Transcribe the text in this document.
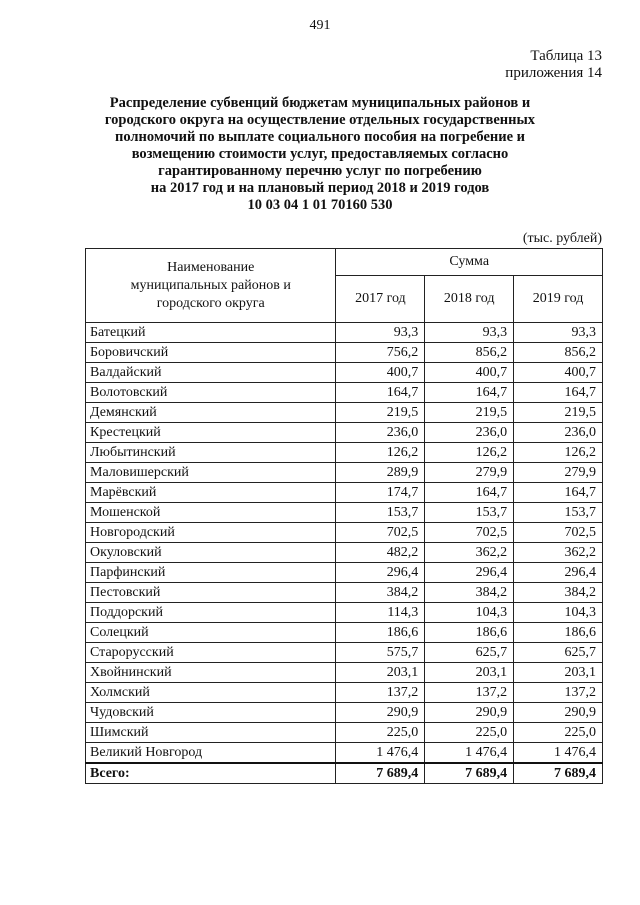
491
Таблица 13
приложения 14
Распределение субвенций бюджетам муниципальных районов и
городского округа на осуществление отдельных государственных
полномочий по выплате социального пособия на погребение и
возмещению стоимости услуг, предоставляемых согласно
гарантированному перечню услуг по погребению
на 2017 год и на плановый период 2018 и 2019 годов
10 03 04 1 01 70160 530
(тыс. рублей)
Наименование
муниципальных районов и
городского округа	Сумма		
	2017 год	2018 год	2019 год
Батецкий	93,3	93,3	93,3
Боровичский	756,2	856,2	856,2
Валдайский	400,7	400,7	400,7
Волотовский	164,7	164,7	164,7
Демянский	219,5	219,5	219,5
Крестецкий	236,0	236,0	236,0
Любытинский	126,2	126,2	126,2
Маловишерский	289,9	279,9	279,9
Марёвский	174,7	164,7	164,7
Мошенской	153,7	153,7	153,7
Новгородский	702,5	702,5	702,5
Окуловский	482,2	362,2	362,2
Парфинский	296,4	296,4	296,4
Пестовский	384,2	384,2	384,2
Поддорский	114,3	104,3	104,3
Солецкий	186,6	186,6	186,6
Старорусский	575,7	625,7	625,7
Хвойнинский	203,1	203,1	203,1
Холмский	137,2	137,2	137,2
Чудовский	290,9	290,9	290,9
Шимский	225,0	225,0	225,0
Великий Новгород	1 476,4	1 476,4	1 476,4
Всего:	7 689,4	7 689,4	7 689,4
